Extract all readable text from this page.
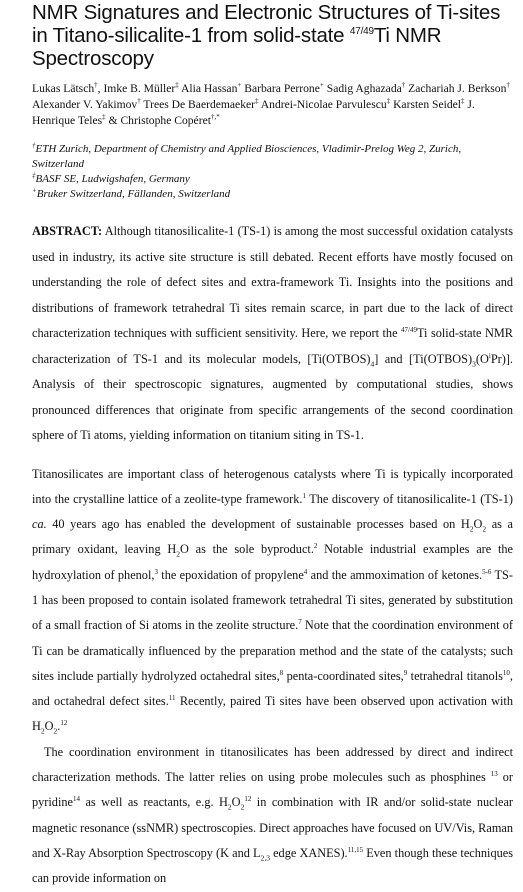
NMR Signatures and Electronic Structures of Ti-sites in Titano-silicalite-1 from solid-state $^{47/49}$Ti NMR Spectroscopy
Lukas Lätsch†, Imke B. Müller‡ Alia Hassan+ Barbara Perrone+ Sadig Aghazada† Zachariah J. Berkson† Alexander V. Yakimov† Trees De Baerdemaeker‡ Andrei-Nicolae Parvulescu‡ Karsten Seidel‡ J. Henrique Teles‡ & Christophe Copéret†,*
†ETH Zurich, Department of Chemistry and Applied Biosciences, Vladimir-Prelog Weg 2, Zurich, Switzerland
‡BASF SE, Ludwigshafen, Germany
+Bruker Switzerland, Fällanden, Switzerland
ABSTRACT: Although titanosilicalite-1 (TS-1) is among the most successful oxidation catalysts used in industry, its active site structure is still debated. Recent efforts have mostly focused on understanding the role of defect sites and extra-framework Ti. Insights into the positions and distributions of framework tetrahedral Ti sites remain scarce, in part due to the lack of direct characterization techniques with sufficient sensitivity. Here, we report the $^{47/49}$Ti solid-state NMR characterization of TS-1 and its molecular models, $[Ti(OTBOS)_4]$ and $[Ti(OTBOS)_3(O^iPr)]$. Analysis of their spectroscopic signatures, augmented by computational studies, shows pronounced differences that originate from specific arrangements of the second coordination sphere of Ti atoms, yielding information on titanium siting in TS-1.
Titanosilicates are important class of heterogenous catalysts where Ti is typically incorporated into the crystalline lattice of a zeolite-type framework.$^1$ The discovery of titanosilicalite-1 (TS-1) ca. 40 years ago has enabled the development of sustainable processes based on $H_2O_2$ as a primary oxidant, leaving $H_2O$ as the sole byproduct.$^2$ Notable industrial examples are the hydroxylation of phenol,$^3$ the epoxidation of propylene$^4$ and the ammoximation of ketones.$^{5-6}$ TS-1 has been proposed to contain isolated framework tetrahedral Ti sites, generated by substitution of a small fraction of Si atoms in the zeolite structure.$^7$ Note that the coordination environment of Ti can be dramatically influenced by the preparation method and the state of the catalysts; such sites include partially hydrolyzed octahedral sites,$^8$ penta-coordinated sites,$^9$ tetrahedral titanols$^{10}$, and octahedral defect sites.$^{11}$ Recently, paired Ti sites have been observed upon activation with $H_2O_2.^{12}$
The coordination environment in titanosilicates has been addressed by direct and indirect characterization methods. The latter relies on using probe molecules such as phosphines $^{13}$ or pyridine$^{14}$ as well as reactants, e.g. $H_2O_2^{12}$ in combination with IR and/or solid-state nuclear magnetic resonance (ssNMR) spectroscopies. Direct approaches have focused on UV/Vis, Raman and X-Ray Absorption Spectroscopy (K and $L_{2,3}$ edge XANES).$^{11,15}$ Even though these techniques can provide information on
